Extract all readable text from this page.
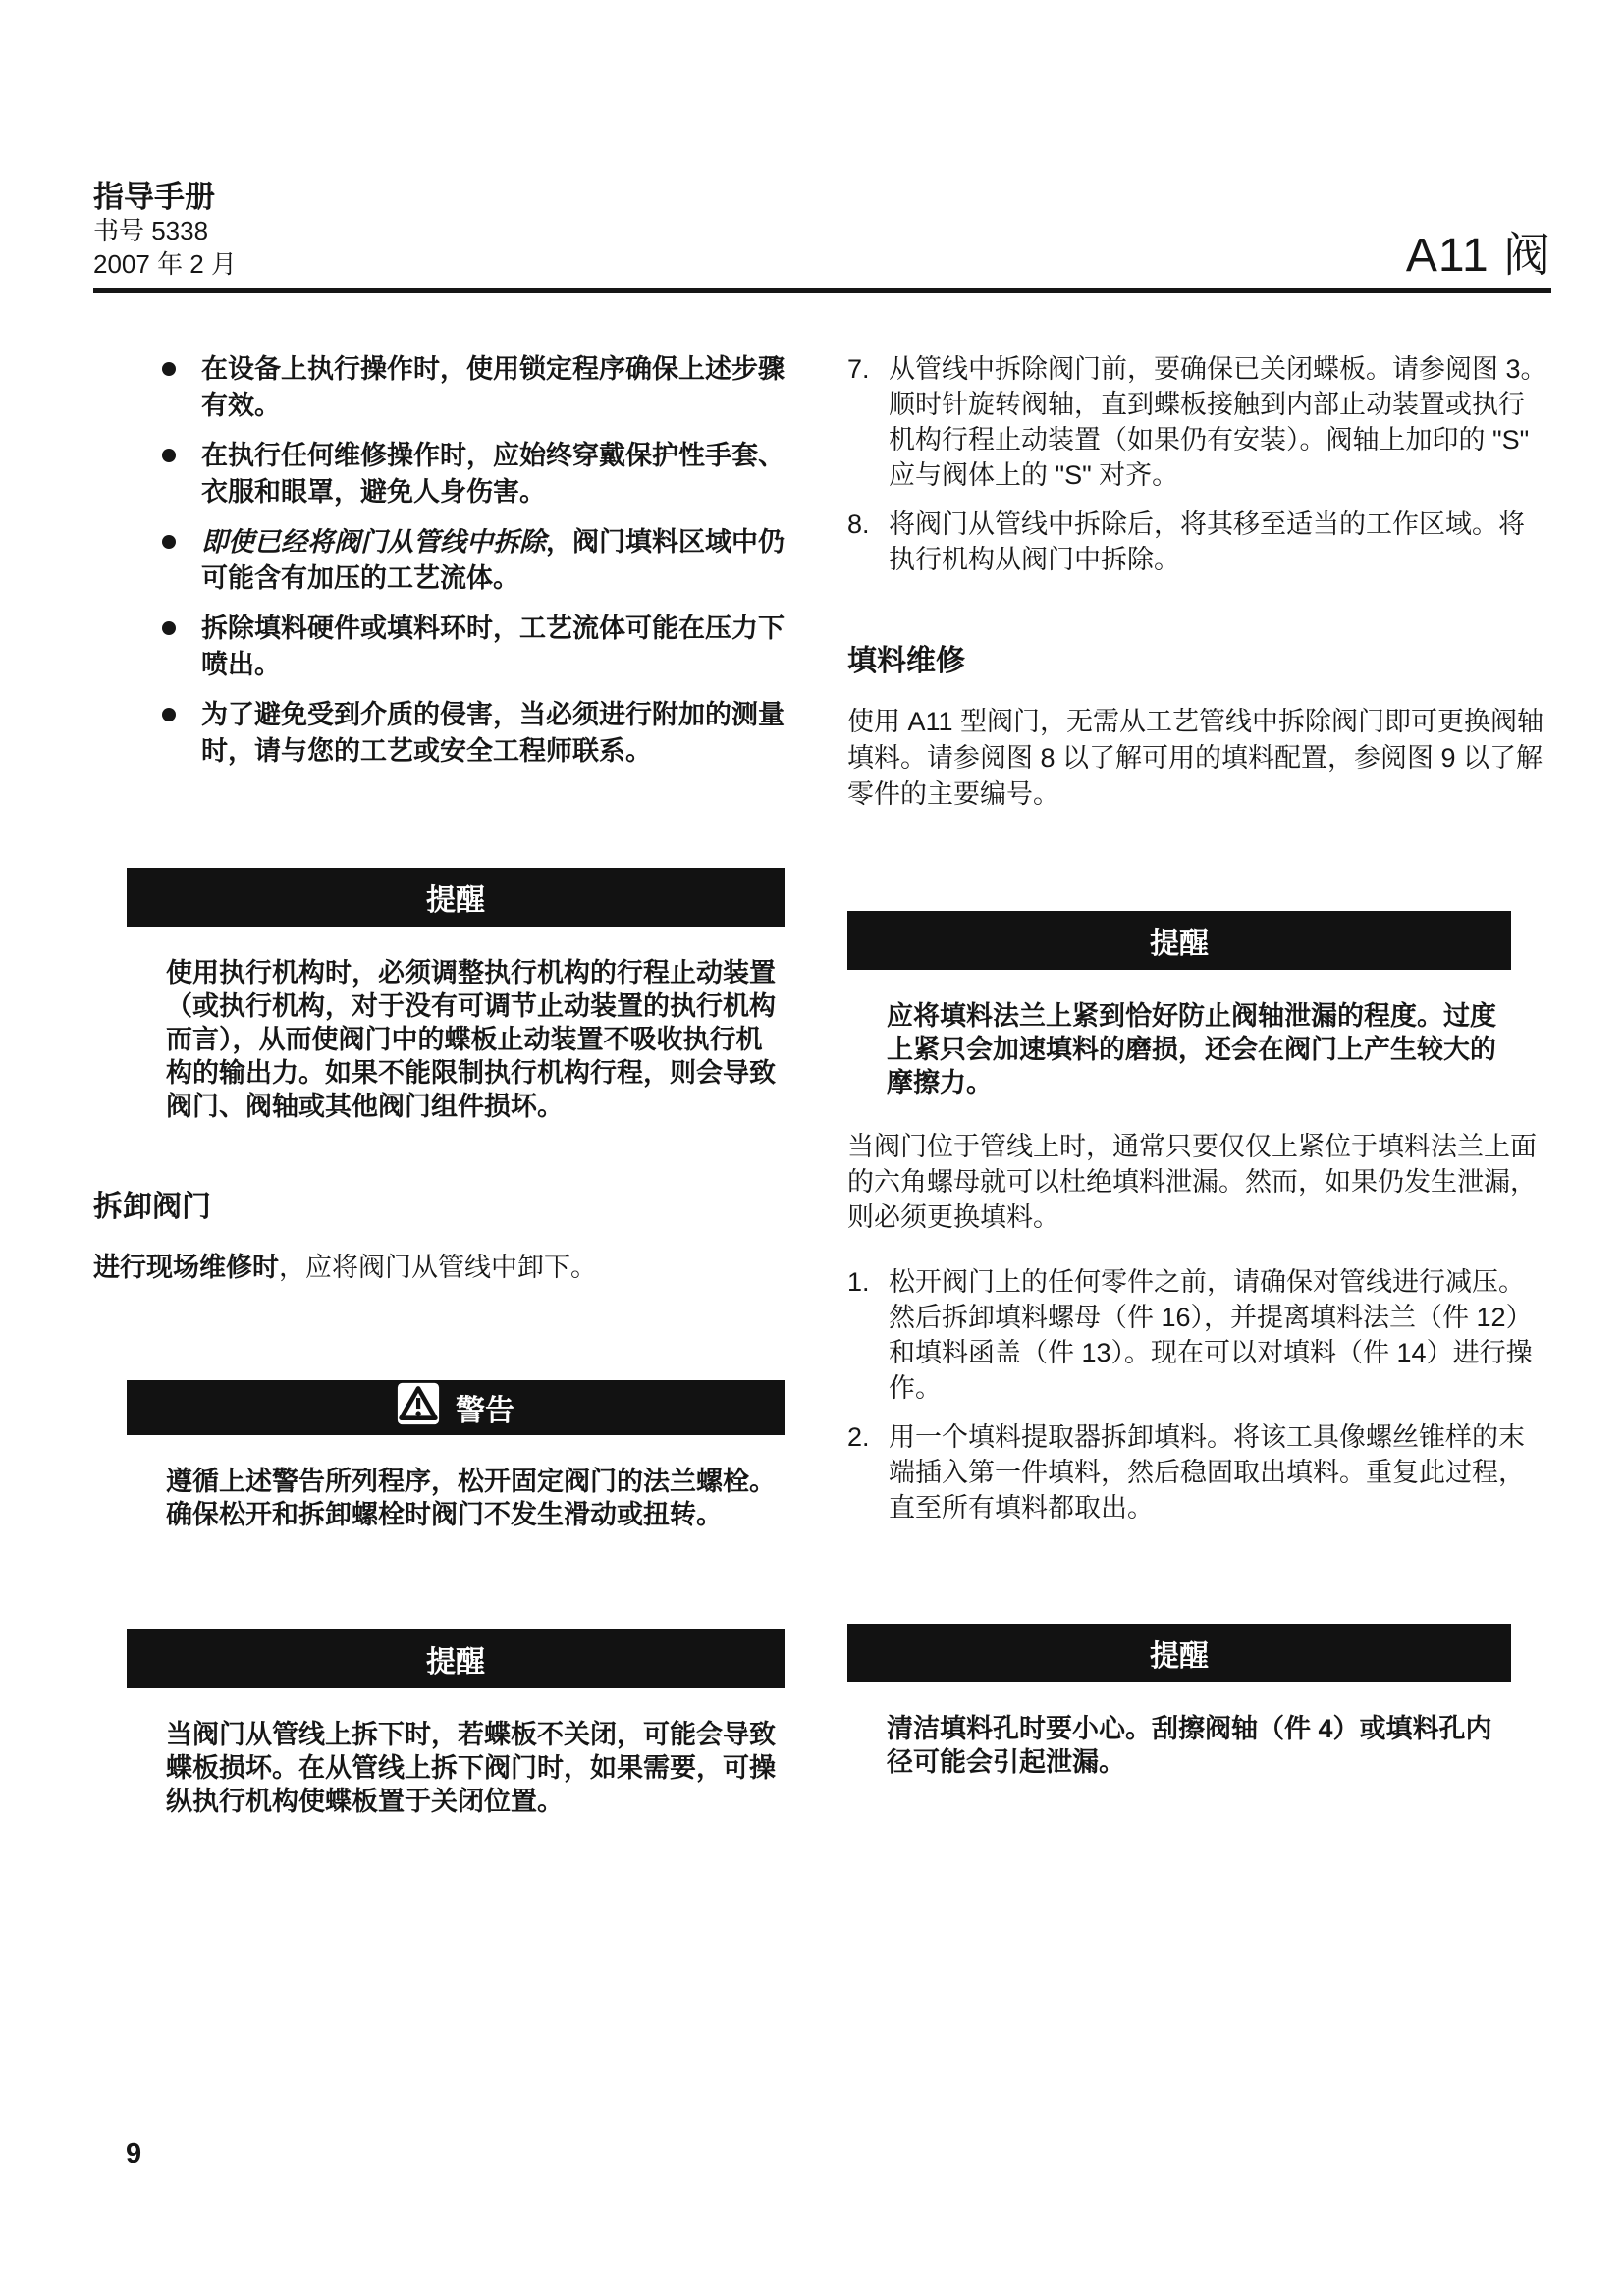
指导手册
书号 5338
2007 年 2 月	A11 阀
在设备上执行操作时，使用锁定程序确保上述步骤有效。
在执行任何维修操作时，应始终穿戴保护性手套、衣服和眼罩，避免人身伤害。
即使已经将阀门从管线中拆除，阀门填料区域中仍可能含有加压的工艺流体。
拆除填料硬件或填料环时，工艺流体可能在压力下喷出。
为了避免受到介质的侵害，当必须进行附加的测量时，请与您的工艺或安全工程师联系。
提醒
使用执行机构时，必须调整执行机构的行程止动装置（或执行机构，对于没有可调节止动装置的执行机构而言），从而使阀门中的蝶板止动装置不吸收执行机构的输出力。如果不能限制执行机构行程，则会导致阀门、阀轴或其他阀门组件损坏。
拆卸阀门

进行现场维修时，应将阀门从管线中卸下。

警告
遵循上述警告所列程序，松开固定阀门的法兰螺栓。确保松开和拆卸螺栓时阀门不发生滑动或扭转。
提醒
当阀门从管线上拆下时，若蝶板不关闭，可能会导致蝶板损坏。在从管线上拆下阀门时，如果需要，可操纵执行机构使蝶板置于关闭位置。
7. 从管线中拆除阀门前，要确保已关闭蝶板。请参阅图 3。顺时针旋转阀轴，直到蝶板接触到内部止动装置或执行机构行程止动装置（如果仍有安装）。阀轴上加印的 "S" 应与阀体上的 "S" 对齐。
8. 将阀门从管线中拆除后，将其移至适当的工作区域。将执行机构从阀门中拆除。
填料维修

使用 A11 型阀门，无需从工艺管线中拆除阀门即可更换阀轴填料。请参阅图 8 以了解可用的填料配置，参阅图 9 以了解零件的主要编号。

提醒
应将填料法兰上紧到恰好防止阀轴泄漏的程度。过度上紧只会加速填料的磨损，还会在阀门上产生较大的摩擦力。

当阀门位于管线上时，通常只要仅仅上紧位于填料法兰上面的六角螺母就可以杜绝填料泄漏。然而，如果仍发生泄漏，则必须更换填料。

1. 松开阀门上的任何零件之前，请确保对管线进行减压。然后拆卸填料螺母（件 16），并提离填料法兰（件 12）和填料函盖（件 13）。现在可以对填料（件 14）进行操作。
2. 用一个填料提取器拆卸填料。将该工具像螺丝锥样的末端插入第一件填料，然后稳固取出填料。重复此过程，直至所有填料都取出。
提醒
清洁填料孔时要小心。刮擦阀轴（件 4）或填料孔内径可能会引起泄漏。
9
